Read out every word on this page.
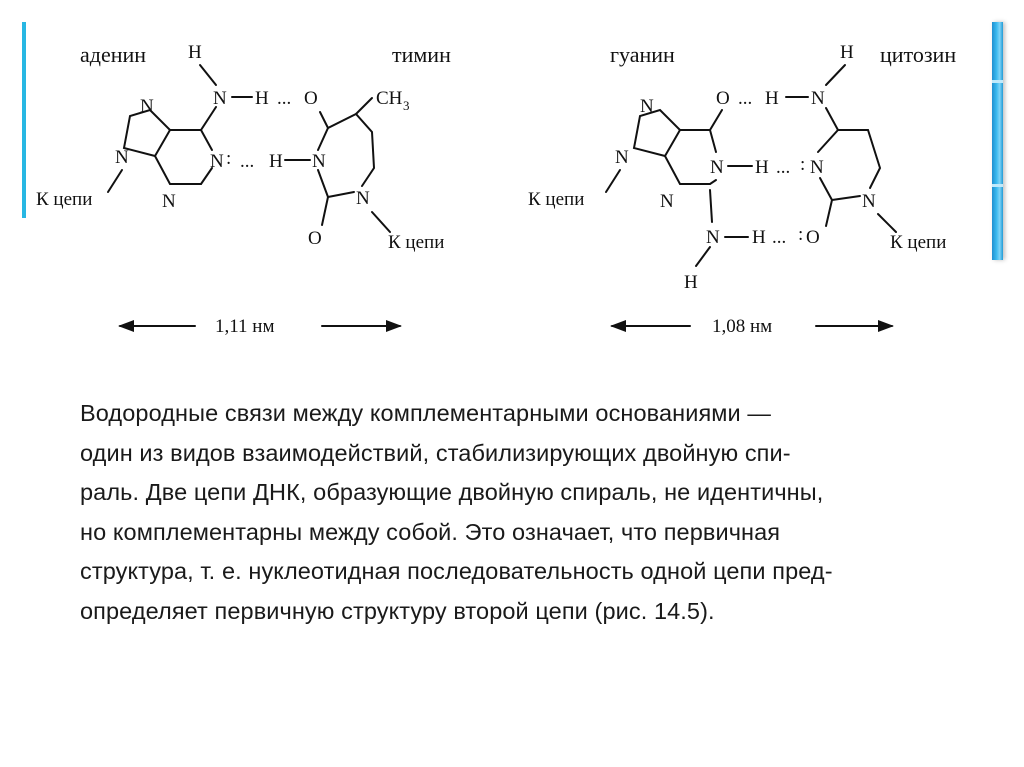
аденин	тимин
H
N H ... O
N : ... H
N
N
N
К цепи
N
CH 3
O
N
К цепи
1,11 нм
гуанин	цитозин
H
N
H
...
O
N H ... :
N
N
N
К цепи
N H ... : O
H
N
N
К цепи
1,08 нм
Водородные связи между комплементарными основаниями —
один из видов взаимодействий, стабилизирующих двойную спи-
раль. Две цепи ДНК, образующие двойную спираль, не идентичны,
но комплементарны между собой. Это означает, что первичная
структура, т. е. нуклеотидная последовательность одной цепи пред-
определяет первичную структуру второй цепи (рис. 14.5).
